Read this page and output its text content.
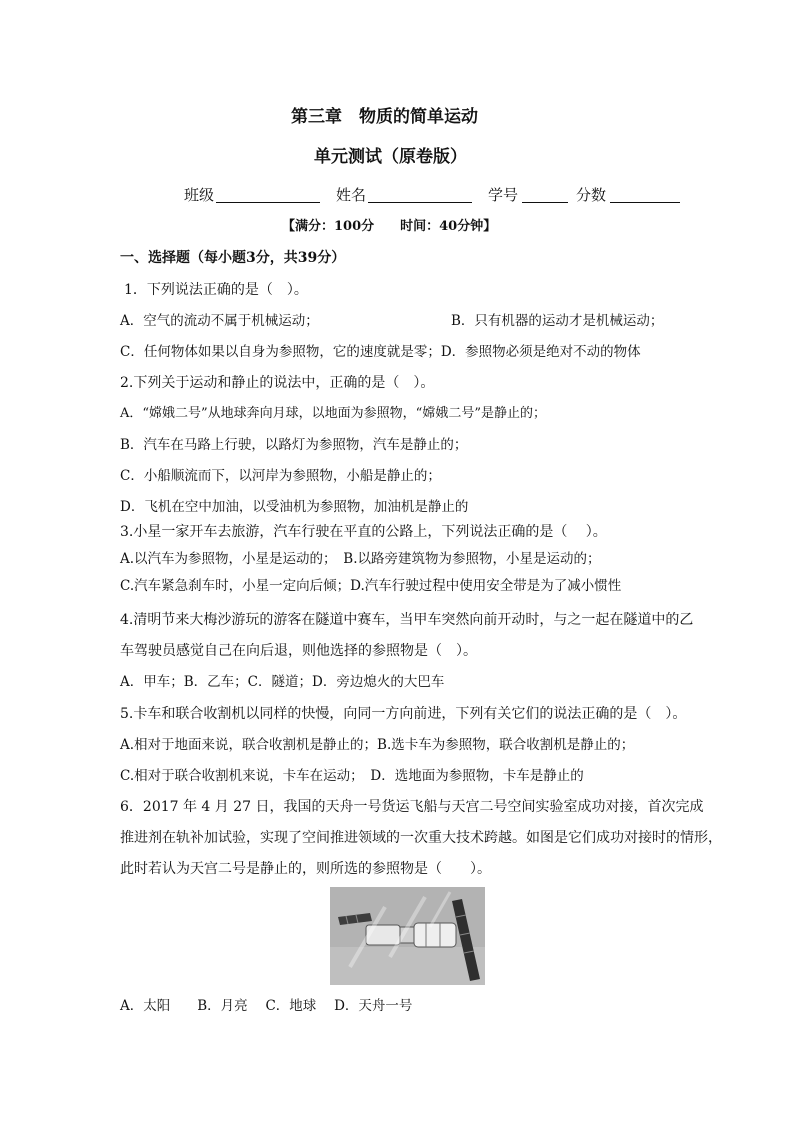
第三章　物质的简单运动
单元测试（原卷版）
班级	姓名	学号	分数
【满分：100分　　时间：40分钟】
一、选择题（每小题3分，共39分）
1．下列说法正确的是（　）。
A．空气的流动不属于机械运动；	B．只有机器的运动才是机械运动；
C．任何物体如果以自身为参照物，它的速度就是零；D．参照物必须是绝对不动的物体
2.下列关于运动和静止的说法中，正确的是（　）。
A．“嫦娥二号”从地球奔向月球，以地面为参照物，“嫦娥二号”是静止的；
B．汽车在马路上行驶，以路灯为参照物，汽车是静止的；
C．小船顺流而下，以河岸为参照物，小船是静止的；
D．飞机在空中加油，以受油机为参照物，加油机是静止的
3.小星一家开车去旅游，汽车行驶在平直的公路上，下列说法正确的是（　 ）。
A.以汽车为参照物，小星是运动的；　B.以路旁建筑物为参照物，小星是运动的；
C.汽车紧急刹车时，小星一定向后倾；D.汽车行驶过程中使用安全带是为了减小惯性
4.清明节来大梅沙游玩的游客在隧道中赛车，当甲车突然向前开动时，与之一起在隧道中的乙
车驾驶员感觉自己在向后退，则他选择的参照物是（　）。
A．甲车；B．乙车；C．隧道；D．旁边熄火的大巴车
5.卡车和联合收割机以同样的快慢，向同一方向前进，下列有关它们的说法正确的是（　）。
A.相对于地面来说，联合收割机是静止的；B.选卡车为参照物，联合收割机是静止的；
C.相对于联合收割机来说，卡车在运动；　D．选地面为参照物，卡车是静止的
6．2017 年 4 月 27 日，我国的天舟一号货运飞船与天宫二号空间实验室成功对接，首次完成
推进剂在轨补加试验，实现了空间推进领域的一次重大技术跨越。如图是它们成功对接时的情形，
此时若认为天宫二号是静止的，则所选的参照物是（　　）。
A．太阳　　B．月亮　 C．地球　 D．天舟一号
